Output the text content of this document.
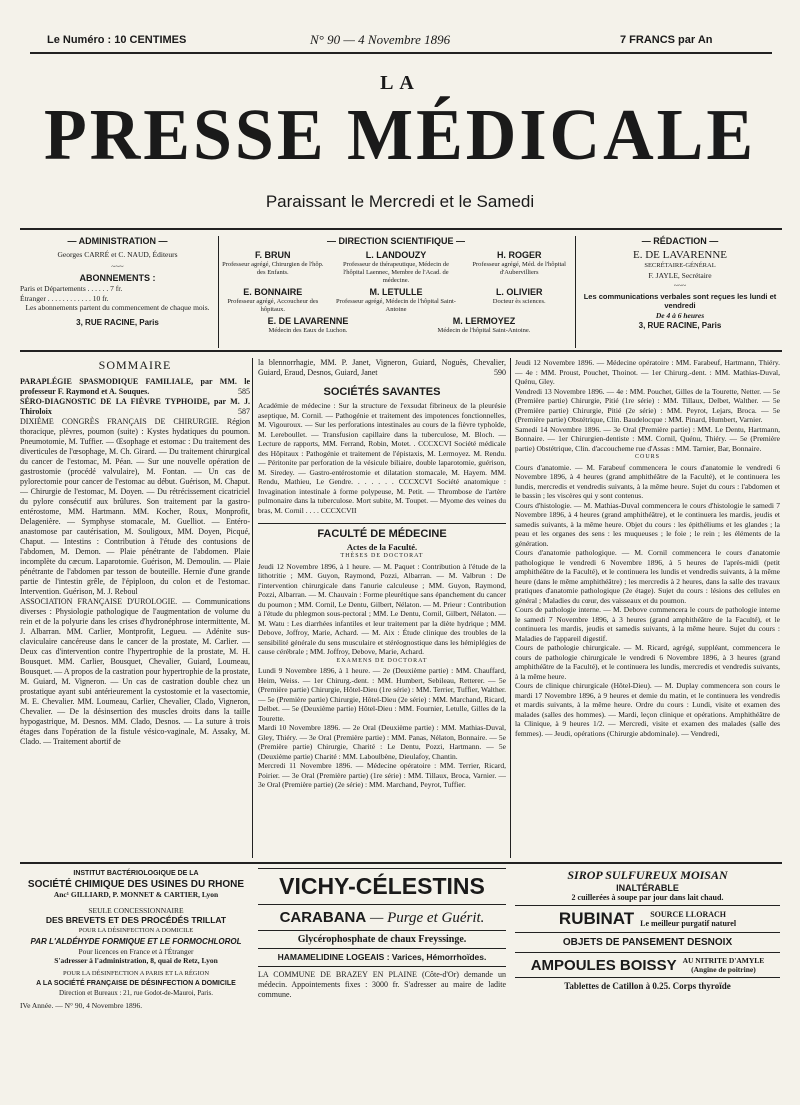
Le Numéro : 10 CENTIMES	N° 90 — 4 Novembre 1896	7 FRANCS par An
LA
PRESSE MÉDICALE
Paraissant le Mercredi et le Samedi
— ADMINISTRATION —
Georges CARRÉ et C. NAUD, Éditeurs
~~~
ABONNEMENTS :
Paris et Départements . . . . . . 7 fr.
Étranger . . . . . . . . . . . . 10 fr.
Les abonnements partent du commencement de chaque mois.
3, RUE RACINE, Paris
— DIRECTION SCIENTIFIQUE —
F. BRUN
Professeur agrégé, Chirurgien de l'hôp. des Enfants.
L. LANDOUZY
Professeur de thérapeutique, Médecin de l'hôpital Laennec, Membre de l'Acad. de médecine.
H. ROGER
Professeur agrégé, Méd. de l'hôpital d'Aubervilliers
E. BONNAIRE
Professeur agrégé, Accoucheur des hôpitaux.
M. LETULLE
Professeur agrégé, Médecin de l'hôpital Saint-Antoine
L. OLIVIER
Docteur ès sciences.
E. DE LAVARENNE
Médecin des Eaux de Luchon.
M. LERMOYEZ
Médecin de l'hôpital Saint-Antoine.
— RÉDACTION —
E. DE LAVARENNE
SECRÉTAIRE-GÉNÉRAL
F. JAYLE, Secrétaire
~~~
Les communications verbales sont reçues les lundi et vendredi
De 4 à 6 heures
3, RUE RACINE, Paris
SOMMAIRE
PARAPLÉGIE SPASMODIQUE FAMILIALE, par MM. le professeur F. Raymond et A. Souques.	585
SÉRO-DIAGNOSTIC DE LA FIÈVRE TYPHOIDE, par M. J. Thiroloix	587
DIXIÈME CONGRÈS FRANÇAIS DE CHIRURGIE. Région thoracique, plèvres, poumon (suite) : Kystes hydatiques du poumon. Pneumotomie, M. Tuffier. — Œsophage et estomac : Du traitement des diverticules de l'œsophage, M. Ch. Girard. — Du traitement chirurgical du cancer de l'estomac, M. Péan. — Sur une nouvelle opération de gastrostomie (procédé valvulaire), M. Fontan. — Un cas de pylorectomie pour cancer de l'estomac au début. Guérison, M. Chaput. — Chirurgie de l'estomac, M. Doyen. — Du rétrécissement cicatriciel du pylore consécutif aux brûlures. Son traitement par la gastro-entérostome, MM. Hartmann. MM. Kocher, Roux, Monprofit, Delagenière. — Symphyse stomacale, M. Guelliot. — Entéro-anastomose par cautérisation, M. Souligoux, MM. Doyen, Picqué, Chaput. — Intestins : Contribution à l'étude des contusions de l'abdomen, M. Demon. — Plaie pénétrante de l'abdomen. Plaie incomplète du cæcum. Laparotomie. Guérison, M. Demoulin. — Plaie pénétrante de l'abdomen par tesson de bouteille. Hernie d'une grande partie de l'intestin grêle, de l'épiploon, du colon et de l'estomac. Intervention. Guérison, M. J. Reboul
ASSOCIATION FRANÇAISE D'UROLOGIE. — Communications diverses : Physiologie pathologique de l'augmentation de volume du rein et de la polyurie dans les crises d'hydronéphrose intermittente, M. J. Albarran. MM. Carlier, Montprofit, Legueu. — Adénite sus-claviculaire cancéreuse dans le cancer de la prostate, M. Carlier. — Deux cas d'intervention contre l'hypertrophie de la prostate, M. H. Bousquet. MM. Carlier, Bousquet, Chevalier, Guiard, Loumeau, Bousquet. — A propos de la castration pour hypertrophie de la prostate, M. Guiard, M. Vigneron. — Un cas de castration double chez un prostatique ayant subi antérieurement la cystostomie et la vasectomie, M. E. Chevalier. MM. Loumeau, Carlier, Chevalier, Clado, Vigneron, Chevalier. — De la désinsertion des muscles droits dans la taille hypogastrique, M. Desnos. MM. Clado, Desnos. — La suture à trois étages dans l'opération de la fistule vésico-vaginale, M. Assaky, M. Clado. — Traitement abortif de
la blennorrhagie, MM. P. Janet, Vigneron, Guiard, Noguès, Chevalier, Guiard, Eraud, Desnos, Guiard, Janet	590
SOCIÉTÉS SAVANTES
Académie de médecine : Sur la structure de l'exsudat fibrineux de la pleurésie aseptique, M. Cornil. — Pathogénie et traitement des impotences fonctionnelles, M. Vigouroux. — Sur les perforations intestinales au cours de la fièvre typhoïde, M. Lereboullet. — Transfusion capillaire dans la tuberculose, M. Bloch. — Lecture de rapports, MM. Ferrand, Robin, Motet. . CCCXCVI Société médicale des Hôpitaux : Pathogénie et traitement de l'épistaxis, M. Lermoyez. M. Rendu. — Péritonite par perforation de la vésicule biliaire, double laparotomie, guérison, M. Siredey. — Gastro-entérostomie et dilatation stomacale, M. Hayem. MM. Rendu, Mathieu, Le Gendre. . . . . . . CCCXCVI Société anatomique : Invagination intestinale à forme polypeuse, M. Petit. — Thrombose de l'artère pulmonaire dans la tuberculose. Mort subite, M. Toupet. — Myome des veines du bras, M. Cornil . . . . CCCXCVII
FACULTÉ DE MÉDECINE
Actes de la Faculté.
THÈSES DE DOCTORAT
Jeudi 12 Novembre 1896, à 1 heure. — M. Paquet : Contribution à l'étude de la lithotritie ; MM. Guyon, Raymond, Pozzi, Albarran. — M. Valbrun : De l'intervention chirurgicale dans l'anurie calculeuse ; MM. Guyon, Raymond, Pozzi, Albarran. — M. Chauvain : Forme pleurétique sans épanchement du cancer du poumon ; MM. Cornil, Le Dentu, Gilbert, Nélaton. — M. Prieur : Contribution à l'étude du phlegmon sous-pectoral ; MM. Le Dentu, Cornil, Gilbert, Nélaton. — M. Watu : Les diarrhées infantiles et leur traitement par la diète hydrique ; MM. Debove, Joffroy, Marie, Achard. — M. Aix : Étude clinique des troubles de la sensibilité générale du sens musculaire et stéréognostique dans les hémiplégies de cause cérébrale ; MM. Joffroy, Debove, Marie, Achard.
EXAMENS DE DOCTORAT
Lundi 9 Novembre 1896, à 1 heure. — 2e (Deuxième partie) : MM. Chauffard, Heim, Weiss. — 1er Chirurg.-dent. : MM. Humbert, Sebileau, Retterer. — 5e (Première partie) Chirurgie, Hôtel-Dieu (1re série) : MM. Terrier, Tuffier, Walther. — 5e (Première partie) Chirurgie, Hôtel-Dieu (2e série) : MM. Marchand, Ricard, Delbet. — 5e (Deuxième partie) Hôtel-Dieu : MM. Fournier, Letulle, Gilles de la Tourette.
Mardi 10 Novembre 1896. — 2e Oral (Deuxième partie) : MM. Mathias-Duval, Gley, Thiéry. — 3e Oral (Première partie) : MM. Panas, Nélaton, Bonnaire. — 5e (Première partie) Chirurgie, Charité : Le Dentu, Pozzi, Hartmann. — 5e (Deuxième partie) Charité : MM. Laboulbène, Dieulafoy, Chantin.
Mercredi 11 Novembre 1896. — Médecine opératoire : MM. Terrier, Ricard, Poirier. — 3e Oral (Première partie) (1re série) : MM. Tillaux, Broca, Varnier. — 3e Oral (Première partie) (2e série) : MM. Marchand, Peyrot, Tuffier.
Jeudi 12 Novembre 1896. — Médecine opératoire : MM. Farabeuf, Hartmann, Thiéry. — 4e : MM. Proust, Pouchet, Thoinot. — 1er Chirurg.-dent. : MM. Mathias-Duval, Quénu, Gley.
Vendredi 13 Novembre 1896. — 4e : MM. Pouchet, Gilles de la Tourette, Netter. — 5e (Première partie) Chirurgie, Pitié (1re série) : MM. Tillaux, Delbet, Walther. — 5e (Première partie) Chirurgie, Pitié (2e série) : MM. Peyrot, Lejars, Broca. — 5e (Première partie) Obstétrique, Clin. Baudelocque : MM. Pinard, Humbert, Varnier.
Samedi 14 Novembre 1896. — 3e Oral (Première partie) : MM. Le Dentu, Hartmann, Bonnaire. — 1er Chirurgien-dentiste : MM. Cornil, Quénu, Thiéry. — 5e (Première partie) Obstétrique, Clin. d'accoucheme rue d'Assas : MM. Tarnier, Bar, Bonnaire.
COURS
Cours d'anatomie. — M. Farabeuf commencera le cours d'anatomie le vendredi 6 Novembre 1896, à 4 heures (grand amphithéâtre de la Faculté), et le continuera les lundis, mercredis et vendredis suivants, à la même heure. Sujet du cours : l'abdomen et le bassin ; les viscères qui y sont contenus.
Cours d'histologie. — M. Mathias-Duval commencera le cours d'histologie le samedi 7 Novembre 1896, à 4 heures (grand amphithéâtre), et le continuera les mardis, jeudis et samedis suivants, à la même heure. Objet du cours : les épithéliums et les glandes ; la peau et les organes des sens : les muqueuses ; le foie ; le rein ; les éléments de la génération.
Cours d'anatomie pathologique. — M. Cornil commencera le cours d'anatomie pathologique le vendredi 6 Novembre 1896, à 5 heures de l'après-midi (petit amphithéâtre de la Faculté), et le continuera les lundis et vendredis suivants, à la même heure (dans le même amphithéâtre) ; les mercredis à 2 heures, dans la salle des travaux pratiques d'anatomie pathologique (2e étage). Sujet du cours : lésions des cellules en général ; Maladies du cœur, des vaisseaux et du poumon.
Cours de pathologie interne. — M. Debove commencera le cours de pathologie interne le samedi 7 Novembre 1896, à 3 heures (grand amphithéâtre de la Faculté), et le continuera les mardis, jeudis et samedis suivants, à la même heure. Sujet du cours : Maladies de l'appareil digestif.
Cours de pathologie chirurgicale. — M. Ricard, agrégé, suppléant, commencera le cours de pathologie chirurgicale le vendredi 6 Novembre 1896, à 3 heures (grand amphithéâtre de la Faculté), et le continuera les lundis, mercredis et vendredis suivants, à la même heure.
Cours de clinique chirurgicale (Hôtel-Dieu). — M. Duplay commencera son cours le mardi 17 Novembre 1896, à 9 heures et demie du matin, et le continuera les vendredis et mardis suivants, à la même heure. Ordre du cours : Lundi, visite et examen des malades (salles des hommes). — Mardi, leçon clinique et opérations. Amphithéâtre de la Clinique, à 9 heures 1/2. — Mercredi, visite et examen des malades (salle des femmes). — Jeudi, opérations (Chirurgie abdominale). — Vendredi,
INSTITUT BACTÉRIOLOGIQUE DE LA
SOCIÉTÉ CHIMIQUE DES USINES DU RHONE
Anc¹ GILLIARD, P. MONNET & CARTIER, Lyon
SEULE CONCESSIONNAIRE
DES BREVETS ET DES PROCÉDÉS TRILLAT
POUR LA DÉSINFECTION A DOMICILE
PAR L'ALDÉHYDE FORMIQUE ET LE FORMOCHLOROL
Pour licences en France et à l'Étranger
S'adresser à l'administration, 8, quai de Retz, Lyon
POUR LA DÉSINFECTION A PARIS ET LA RÉGION
A LA SOCIÉTÉ FRANÇAISE DE DÉSINFECTION A DOMICILE
Direction et Bureaux : 21, rue Godot-de-Mauroi, Paris.
IVe Année. — N° 90, 4 Novembre 1896.
VICHY-CÉLESTINS
CARABANA — Purge et Guérit.
Glycérophosphate de chaux Freyssinge.
HAMAMELIDINE LOGEAIS : Varices, Hémorrhoïdes.
LA COMMUNE DE BRAZEY EN PLAINE (Côte-d'Or) demande un médecin. Appointements fixes : 3000 fr. S'adresser au maire de ladite commune.
SIROP SULFUREUX MOISAN
INALTÉRABLE
2 cuillerées à soupe par jour dans lait chaud.
RUBINAT	SOURCE LLORACH
Le meilleur purgatif naturel
OBJETS DE PANSEMENT DESNOIX
AMPOULES BOISSY AU NITRITE D'AMYLE
(Angine de poitrine)
Tablettes de Catillon à 0.25. Corps thyroïde
